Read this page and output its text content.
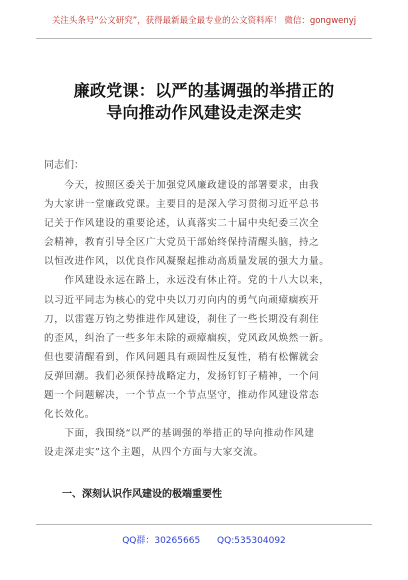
关注头条号“公文研究”，获得最新最全最专业的公文资料库！ 微信：gongwenyj
廉政党课：以严的基调强的举措正的
导向推动作风建设走深走实
同志们：
　　今天，按照区委关于加强党风廉政建设的部署要求，由我
为大家讲一堂廉政党课。主要目的是深入学习贯彻习近平总书
记关于作风建设的重要论述，认真落实二十届中央纪委三次全
会精神，教育引导全区广大党员干部始终保持清醒头脑，持之
以恒改进作风，以优良作风凝聚起推动高质量发展的强大力量。
　　作风建设永远在路上，永远没有休止符。党的十八大以来，
以习近平同志为核心的党中央以刀刃向内的勇气向顽瘴痼疾开
刀，以雷霆万钧之势推进作风建设，刹住了一些长期没有刹住
的歪风，纠治了一些多年未除的顽瘴痼疾，党风政风焕然一新。
但也要清醒看到，作风问题具有顽固性反复性，稍有松懈就会
反弹回潮。我们必须保持战略定力，发扬钉钉子精神，一个问
题一个问题解决，一个节点一个节点坚守，推动作风建设常态
化长效化。
　　下面，我围绕“以严的基调强的举措正的导向推动作风建
设走深走实”这个主题，从四个方面与大家交流。
一、深刻认识作风建设的极端重要性
QQ群：30265665 QQ:535304092
